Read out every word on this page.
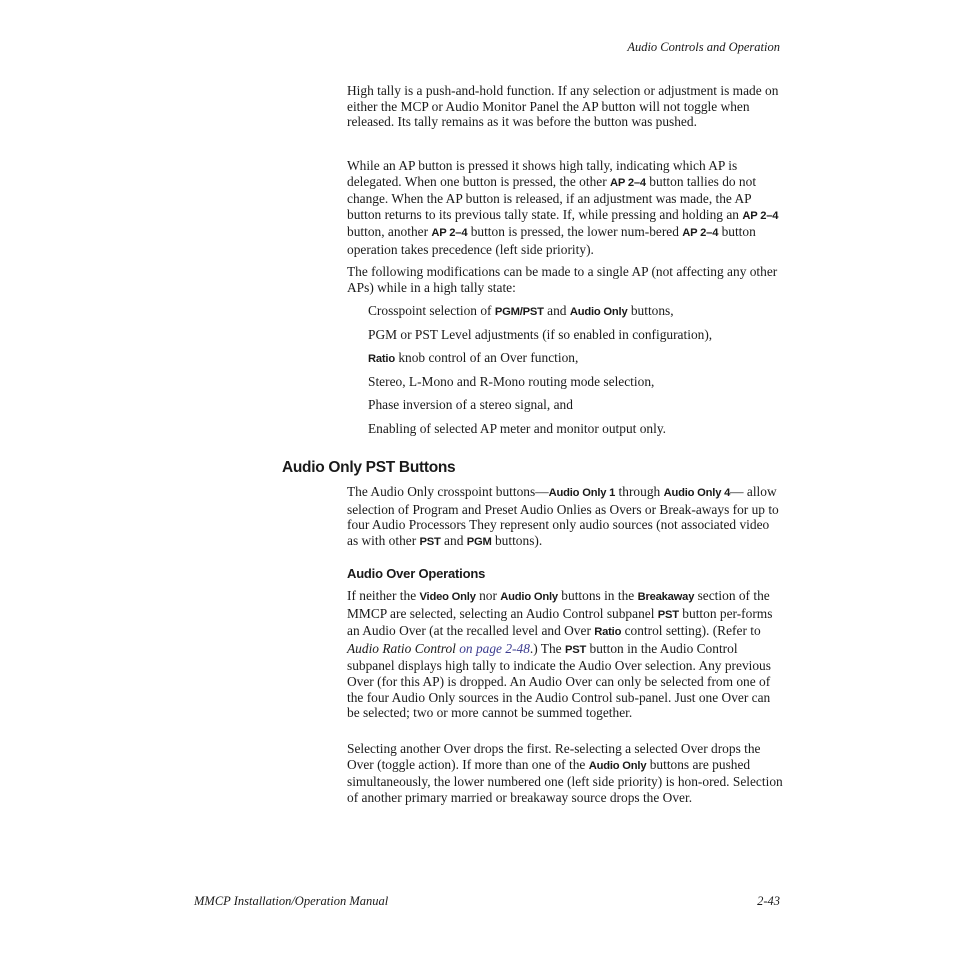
Audio Controls and Operation

High tally is a push-and-hold function. If any selection or adjustment is made on either the MCP or Audio Monitor Panel the AP button will not toggle when released. Its tally remains as it was before the button was pushed.

While an AP button is pressed it shows high tally, indicating which AP is delegated. When one button is pressed, the other AP 2–4 button tallies do not change. When the AP button is released, if an adjustment was made, the AP button returns to its previous tally state. If, while pressing and holding an AP 2–4 button, another AP 2–4 button is pressed, the lower num-bered AP 2–4 button operation takes precedence (left side priority).

The following modifications can be made to a single AP (not affecting any other APs) while in a high tally state:

Crosspoint selection of PGM/PST and Audio Only buttons,
PGM or PST Level adjustments (if so enabled in configuration),
Ratio knob control of an Over function,
Stereo, L-Mono and R-Mono routing mode selection,
Phase inversion of a stereo signal, and
Enabling of selected AP meter and monitor output only.
Audio Only PST Buttons

The Audio Only crosspoint buttons—Audio Only 1 through Audio Only 4— allow selection of Program and Preset Audio Onlies as Overs or Break-aways for up to four Audio Processors They represent only audio sources (not associated video as with other PST and PGM buttons).

Audio Over Operations

If neither the Video Only nor Audio Only buttons in the Breakaway section of the MMCP are selected, selecting an Audio Control subpanel PST button per-forms an Audio Over (at the recalled level and Over Ratio control setting). (Refer to Audio Ratio Control on page 2-48.) The PST button in the Audio Control subpanel displays high tally to indicate the Audio Over selection. Any previous Over (for this AP) is dropped. An Audio Over can only be selected from one of the four Audio Only sources in the Audio Control sub-panel. Just one Over can be selected; two or more cannot be summed together.

Selecting another Over drops the first. Re-selecting a selected Over drops the Over (toggle action). If more than one of the Audio Only buttons are pushed simultaneously, the lower numbered one (left side priority) is hon-ored. Selection of another primary married or breakaway source drops the Over.

MMCP Installation/Operation Manual	2-43
